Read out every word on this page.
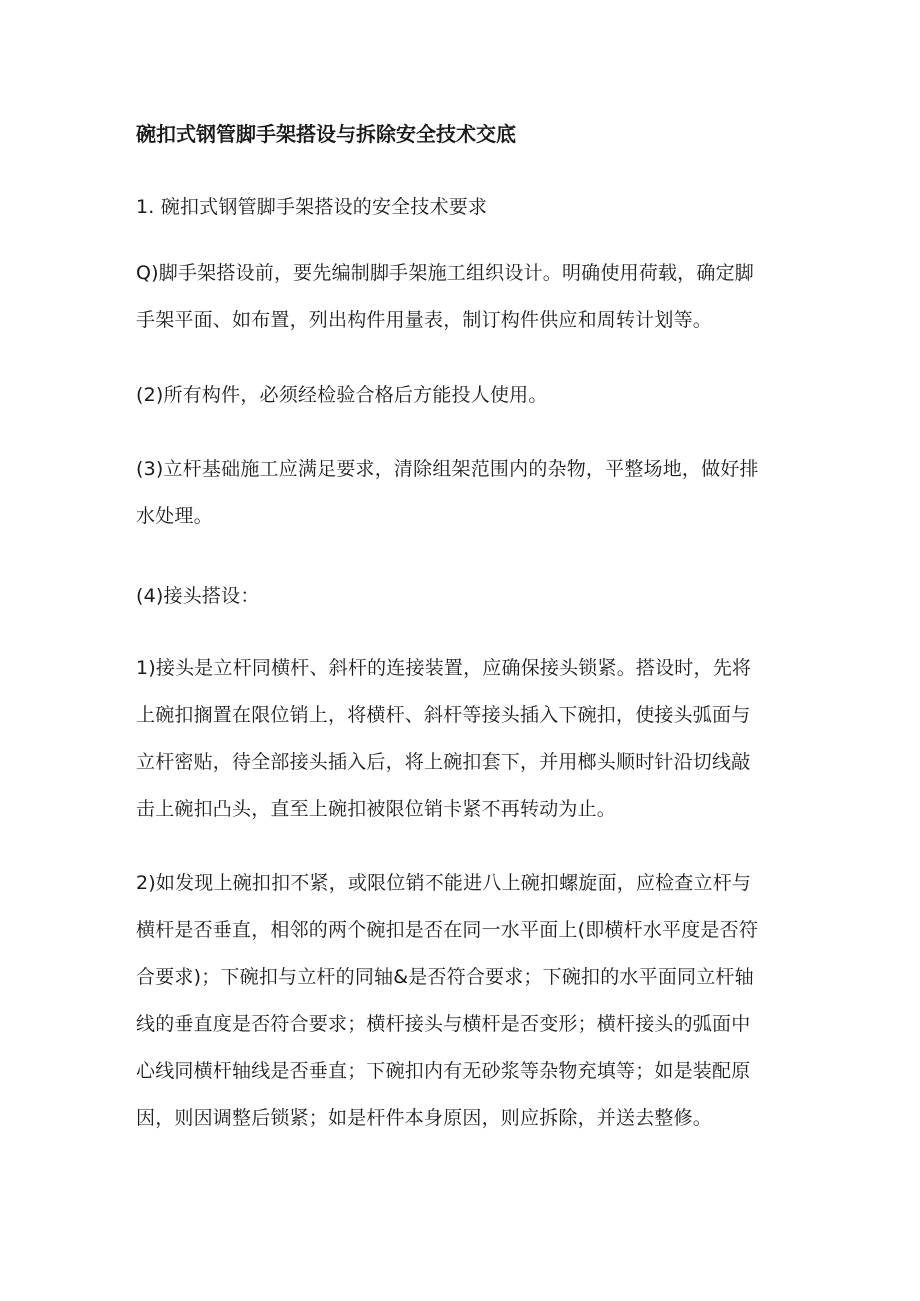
碗扣式钢管脚手架搭设与拆除安全技术交底

1. 碗扣式钢管脚手架搭设的安全技术要求

Q)脚手架搭设前，要先编制脚手架施工组织设计。明确使用荷载，确定脚

手架平面、如布置，列出构件用量表，制订构件供应和周转计划等。

(2)所有构件，必须经检验合格后方能投人使用。

(3)立杆基础施工应满足要求，清除组架范围内的杂物，平整场地，做好排

水处理。

(4)接头搭设：

1)接头是立杆同横杆、斜杆的连接装置，应确保接头锁紧。搭设时，先将

上碗扣搁置在限位销上，将横杆、斜杆等接头插入下碗扣，使接头弧面与

立杆密贴，待全部接头插入后，将上碗扣套下，并用榔头顺时针沿切线敲

击上碗扣凸头，直至上碗扣被限位销卡紧不再转动为止。

2)如发现上碗扣扣不紧，或限位销不能进八上碗扣螺旋面，应检查立杆与

横杆是否垂直，相邻的两个碗扣是否在同一水平面上(即横杆水平度是否符

合要求)；下碗扣与立杆的同轴&是否符合要求；下碗扣的水平面同立杆轴

线的垂直度是否符合要求；横杆接头与横杆是否变形；横杆接头的弧面中

心线同横杆轴线是否垂直；下碗扣内有无砂浆等杂物充填等；如是装配原

因，则因调整后锁紧；如是杆件本身原因，则应拆除，并送去整修。
